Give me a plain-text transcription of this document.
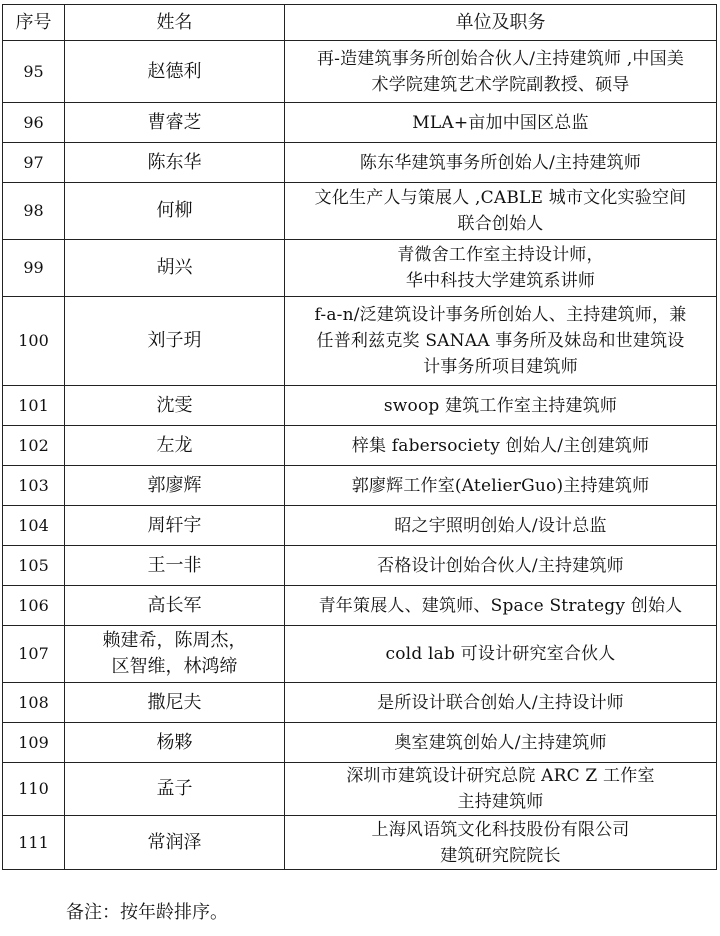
序号	姓名	单位及职务
95	赵德利	再-造建筑事务所创始合伙人/主持建筑师 ,中国美
术学院建筑艺术学院副教授、硕导

96	曹睿芝	MLA+亩加中国区总监

97	陈东华	陈东华建筑事务所创始人/主持建筑师

98	何柳	文化生产人与策展人 ,CABLE 城市文化实验空间
联合创始人

99	胡兴	青微舍工作室主持设计师，
华中科技大学建筑系讲师

100	刘子玥	f-a-n/泛建筑设计事务所创始人、主持建筑师，兼
任普利兹克奖 SANAA 事务所及妹岛和世建筑设
计事务所项目建筑师

101	沈雯	swoop 建筑工作室主持建筑师

102	左龙	梓集 fabersociety 创始人/主创建筑师

103	郭廖辉	郭廖辉工作室(AtelierGuo)主持建筑师

104	周轩宇	昭之宇照明创始人/设计总监

105	王一非	否格设计创始合伙人/主持建筑师

106	高长军	青年策展人、建筑师、Space Strategy 创始人

107	赖建希，陈周杰，
区智维，林鸿缔	cold lab 可设计研究室合伙人

108	撒尼夫	是所设计联合创始人/主持设计师

109	杨夥	奥室建筑创始人/主持建筑师

110	孟子	深圳市建筑设计研究总院 ARC Z 工作室
主持建筑师

111	常润泽	上海风语筑文化科技股份有限公司
建筑研究院院长
备注：按年龄排序。
